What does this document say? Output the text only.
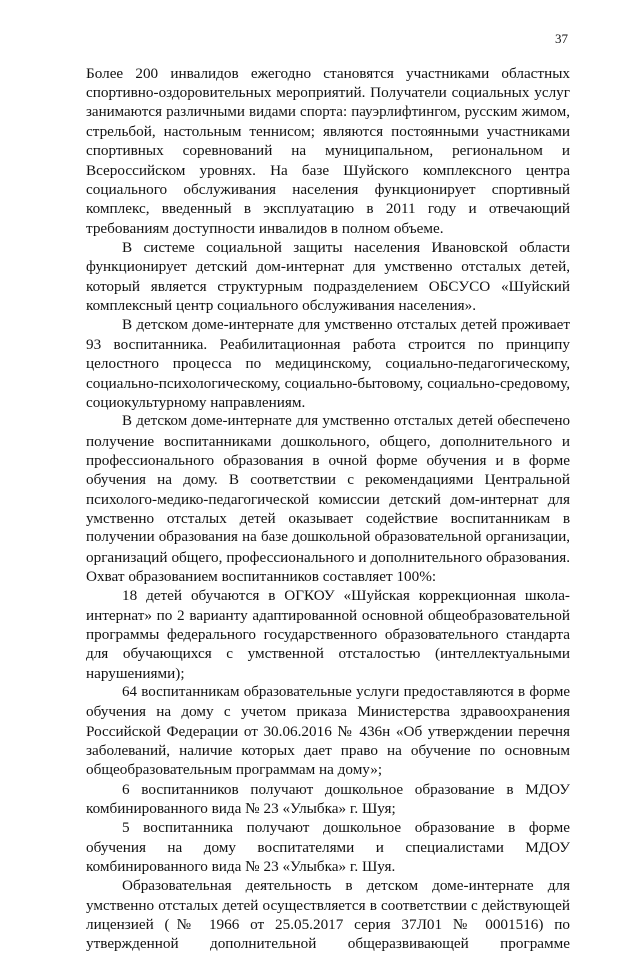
37
Более 200 инвалидов ежегодно становятся участниками областных
спортивно-оздоровительных мероприятий. Получатели социальных услуг
занимаются различными видами спорта: пауэрлифтингом, русским жимом,
стрельбой, настольным теннисом; являются постоянными участниками
спортивных соревнований на муниципальном, региональном и
Всероссийском уровнях. На базе Шуйского комплексного центра
социального обслуживания населения функционирует спортивный
комплекс, введенный в эксплуатацию в 2011 году и отвечающий
требованиям доступности инвалидов в полном объеме.
В системе социальной защиты населения Ивановской области
функционирует детский дом-интернат для умственно отсталых детей,
который является структурным подразделением ОБСУСО «Шуйский
комплексный центр социального обслуживания населения».
В детском доме-интернате для умственно отсталых детей проживает
93 воспитанника. Реабилитационная работа строится по принципу
целостного процесса по медицинскому, социально-педагогическому,
социально-психологическому, социально-бытовому, социально-средовому,
социокультурному направлениям.
В детском доме-интернате для умственно отсталых детей обеспечено
получение воспитанниками дошкольного, общего, дополнительного и
профессионального образования в очной форме обучения и в форме
обучения на дому. В соответствии с рекомендациями Центральной
психолого-медико-педагогической комиссии детский дом-интернат для
умственно отсталых детей оказывает содействие воспитанникам в
получении образования на базе дошкольной образовательной организации,
организаций общего, профессионального и дополнительного образования.
Охват образованием воспитанников составляет 100%:
18 детей обучаются в ОГКОУ «Шуйская коррекционная школа-
интернат» по 2 варианту адаптированной основной общеобразовательной
программы федерального государственного образовательного стандарта
для обучающихся с умственной отсталостью (интеллектуальными
нарушениями);
64 воспитанникам образовательные услуги предоставляются в форме
обучения на дому с учетом приказа Министерства здравоохранения
Российской Федерации от 30.06.2016 № 436н «Об утверждении перечня
заболеваний, наличие которых дает право на обучение по основным
общеобразовательным программам на дому»;
6 воспитанников получают дошкольное образование в МДОУ
комбинированного вида № 23 «Улыбка» г. Шуя;
5 воспитанника получают дошкольное образование в форме
обучения на дому воспитателями и специалистами МДОУ
комбинированного вида № 23 «Улыбка» г. Шуя.
Образовательная деятельность в детском доме-интернате для
умственно отсталых детей осуществляется в соответствии с действующей
лицензией (№ 1966 от 25.05.2017 серия 37Л01 № 0001516) по
утвержденной дополнительной общеразвивающей программе
